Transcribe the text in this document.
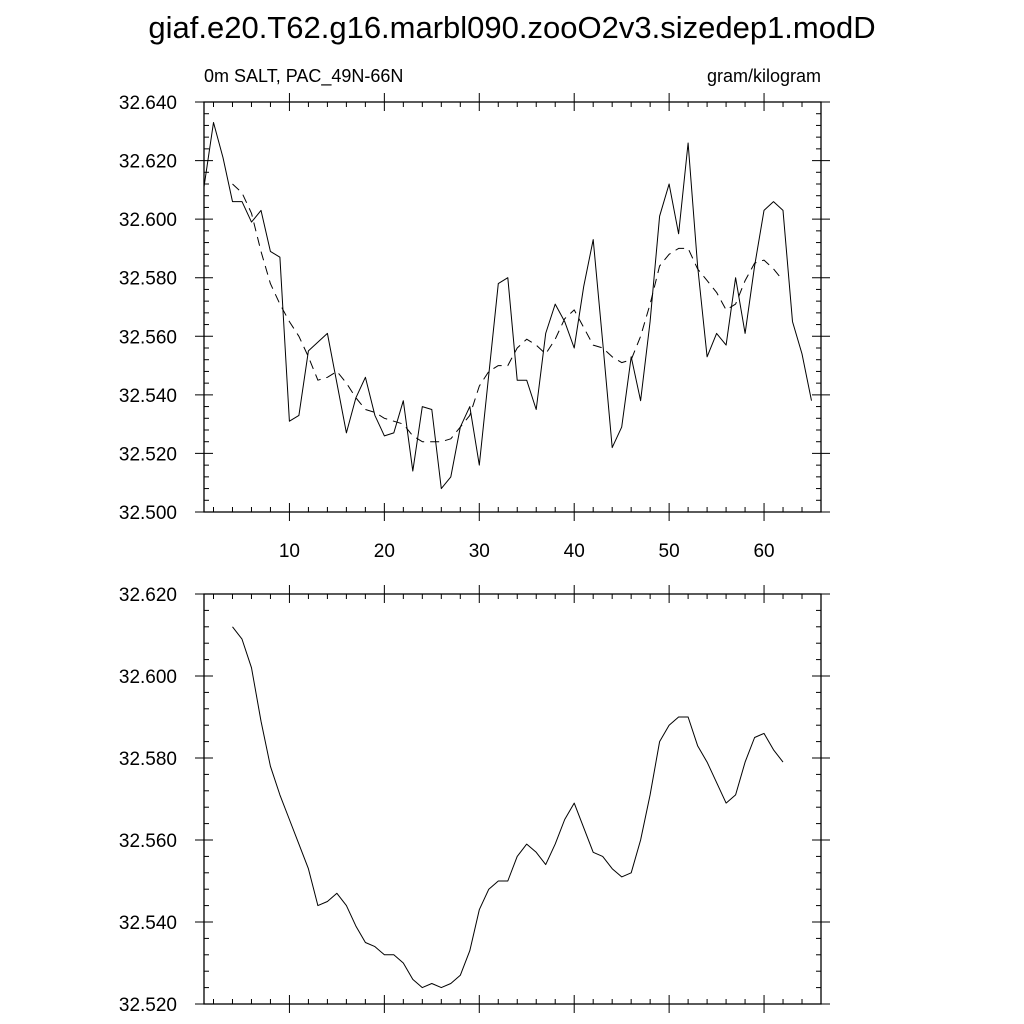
giaf.e20.T62.g16.marbl090.zooO2v3.sizedep1.modD
0m SALT, PAC_49N-66N	gram/kilogram
10	20	30	40	50	60
32.500
32.520
32.540
32.560
32.580
32.600
32.620
32.640
32.520
32.540
32.560
32.580
32.600
32.620
